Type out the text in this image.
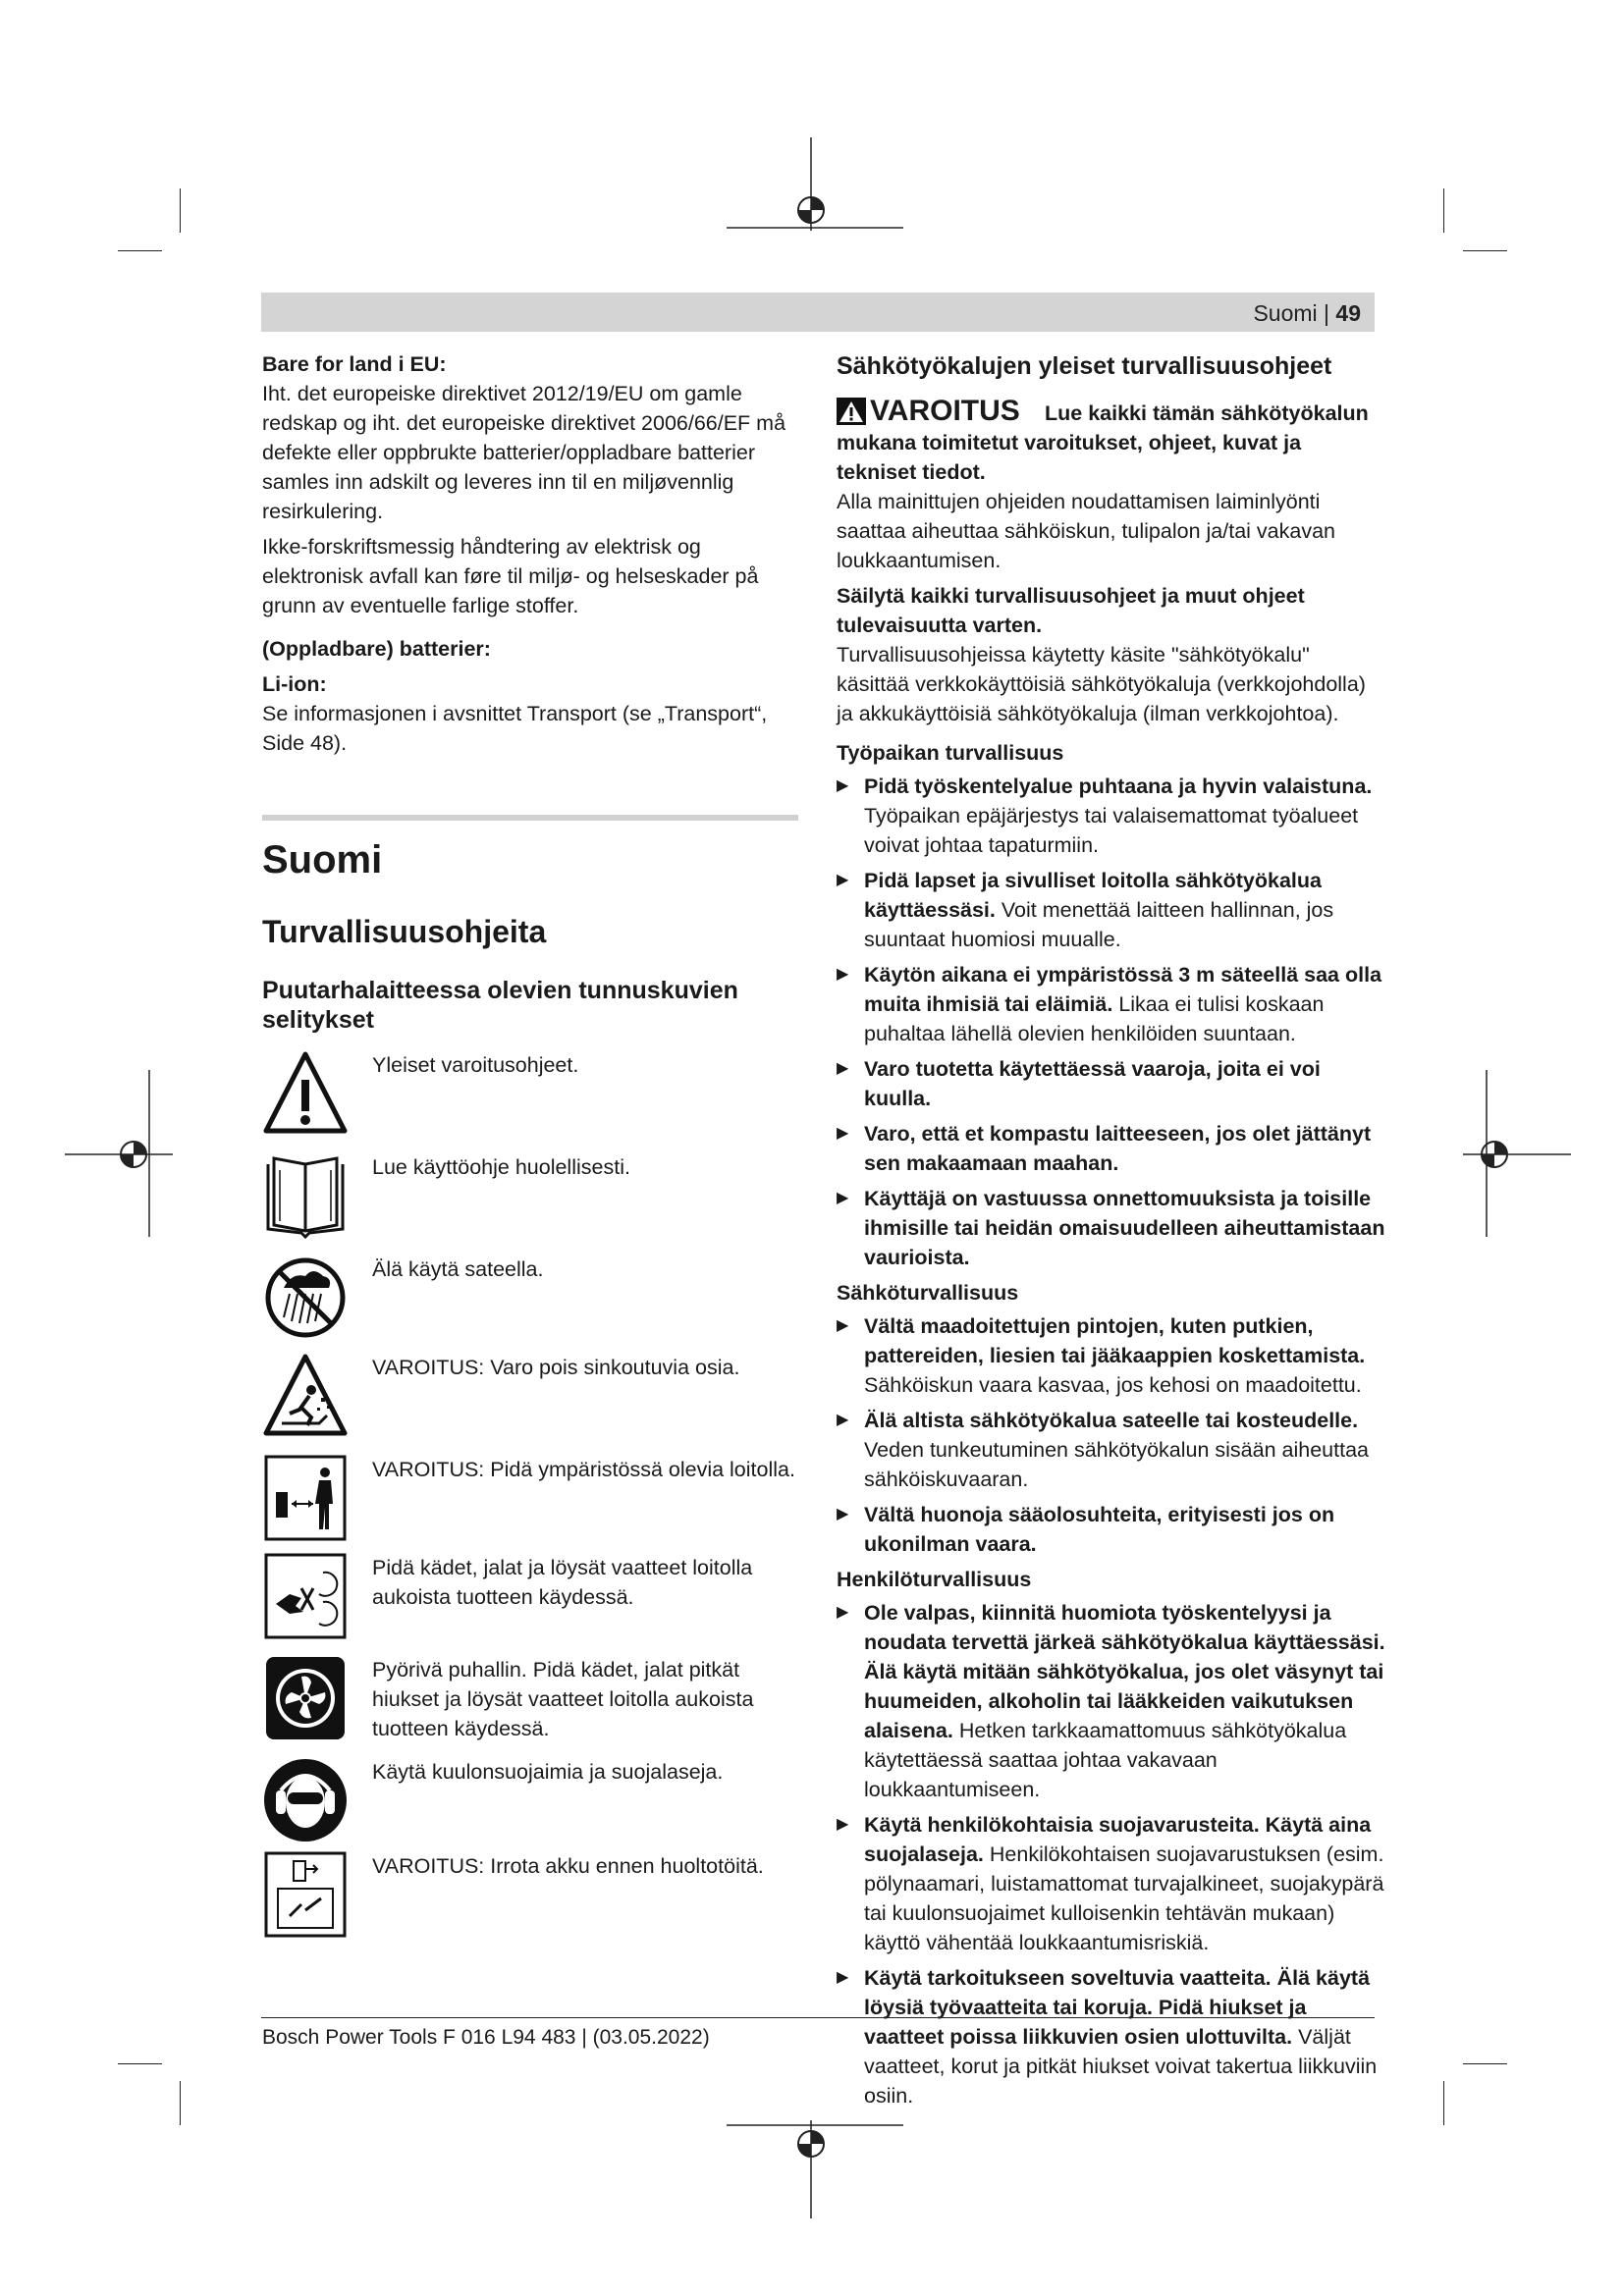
Suomi | 49

Bare for land i EU:

Iht. det europeiske direktivet 2012/19/EU om gamle redskap og iht. det europeiske direktivet 2006/66/EF må defekte eller oppbrukte batterier/oppladbare batterier samles inn adskilt og leveres inn til en miljøvennlig resirkulering.

Ikke-forskriftsmessig håndtering av elektrisk og elektronisk avfall kan føre til miljø- og helseskader på grunn av eventuelle farlige stoffer.

(Oppladbare) batterier:

Li-ion:

Se informasjonen i avsnittet Transport (se „Transport“, Side 48).

Suomi
Turvallisuusohjeita
Puutarhalaitteessa olevien tunnuskuvien selitykset
Yleiset varoitusohjeet.
Lue käyttöohje huolellisesti.
Älä käytä sateella.
VAROITUS: Varo pois sinkoutuvia osia.
VAROITUS: Pidä ympäristössä olevia loitolla.
Pidä kädet, jalat ja löysät vaatteet loitolla aukoista tuotteen käydessä.
Pyörivä puhallin. Pidä kädet, jalat pitkät hiukset ja löysät vaatteet loitolla aukoista tuotteen käydessä.
Käytä kuulonsuojaimia ja suojalaseja.
VAROITUS: Irrota akku ennen huoltotöitä.
Sähkötyökalujen yleiset turvallisuusohjeet
VAROITUS	Lue kaikki tämän sähkötyökalun mukana toimitetut varoitukset, ohjeet, kuvat ja tekniset tiedot.
Alla mainittujen ohjeiden noudattamisen laiminlyönti saattaa aiheuttaa sähköiskun, tulipalon ja/tai vakavan loukkaantumisen.

Säilytä kaikki turvallisuusohjeet ja muut ohjeet tulevaisuutta varten.

Turvallisuusohjeissa käytetty käsite "sähkötyökalu" käsittää verkkokäyttöisiä sähkötyökaluja (verkkojohdolla) ja akkukäyttöisiä sähkötyökaluja (ilman verkkojohtoa).

Työpaikan turvallisuus

▶ Pidä työskentelyalue puhtaana ja hyvin valaistuna. Työpaikan epäjärjestys tai valaisemattomat työalueet voivat johtaa tapaturmiin.
▶ Pidä lapset ja sivulliset loitolla sähkötyökalua käyttäessäsi. Voit menettää laitteen hallinnan, jos suuntaat huomiosi muualle.
▶ Käytön aikana ei ympäristössä 3 m säteellä saa olla muita ihmisiä tai eläimiä. Likaa ei tulisi koskaan puhaltaa lähellä olevien henkilöiden suuntaan.
▶ Varo tuotetta käytettäessä vaaroja, joita ei voi kuulla.
▶ Varo, että et kompastu laitteeseen, jos olet jättänyt sen makaamaan maahan.
▶ Käyttäjä on vastuussa onnettomuuksista ja toisille ihmisille tai heidän omaisuudelleen aiheuttamistaan vaurioista.

Sähköturvallisuus

▶ Vältä maadoitettujen pintojen, kuten putkien, pattereiden, liesien tai jääkaappien koskettamista. Sähköiskun vaara kasvaa, jos kehosi on maadoitettu.
▶ Älä altista sähkötyökalua sateelle tai kosteudelle. Veden tunkeutuminen sähkötyökalun sisään aiheuttaa sähköiskuvaaran.
▶ Vältä huonoja sääolosuhteita, erityisesti jos on ukonilman vaara.

Henkilöturvallisuus

▶ Ole valpas, kiinnitä huomiota työskentelyysi ja noudata tervettä järkeä sähkötyökalua käyttäessäsi. Älä käytä mitään sähkötyökalua, jos olet väsynyt tai huumeiden, alkoholin tai lääkkeiden vaikutuksen alaisena. Hetken tarkkaamattomuus sähkötyökalua käytettäessä saattaa johtaa vakavaan loukkaantumiseen.
▶ Käytä henkilökohtaisia suojavarusteita. Käytä aina suojalaseja. Henkilökohtaisen suojavarustuksen (esim. pölynaamari, luistamattomat turvajalkineet, suojakypärä tai kuulonsuojaimet kulloisenkin tehtävän mukaan) käyttö vähentää loukkaantumisriskiä.
▶ Käytä tarkoitukseen soveltuvia vaatteita. Älä käytä löysiä työvaatteita tai koruja. Pidä hiukset ja vaatteet poissa liikkuvien osien ulottuvilta. Väljät vaatteet, korut ja pitkät hiukset voivat takertua liikkuviin osiin.
Bosch Power Tools F 016 L94 483 | (03.05.2022)
